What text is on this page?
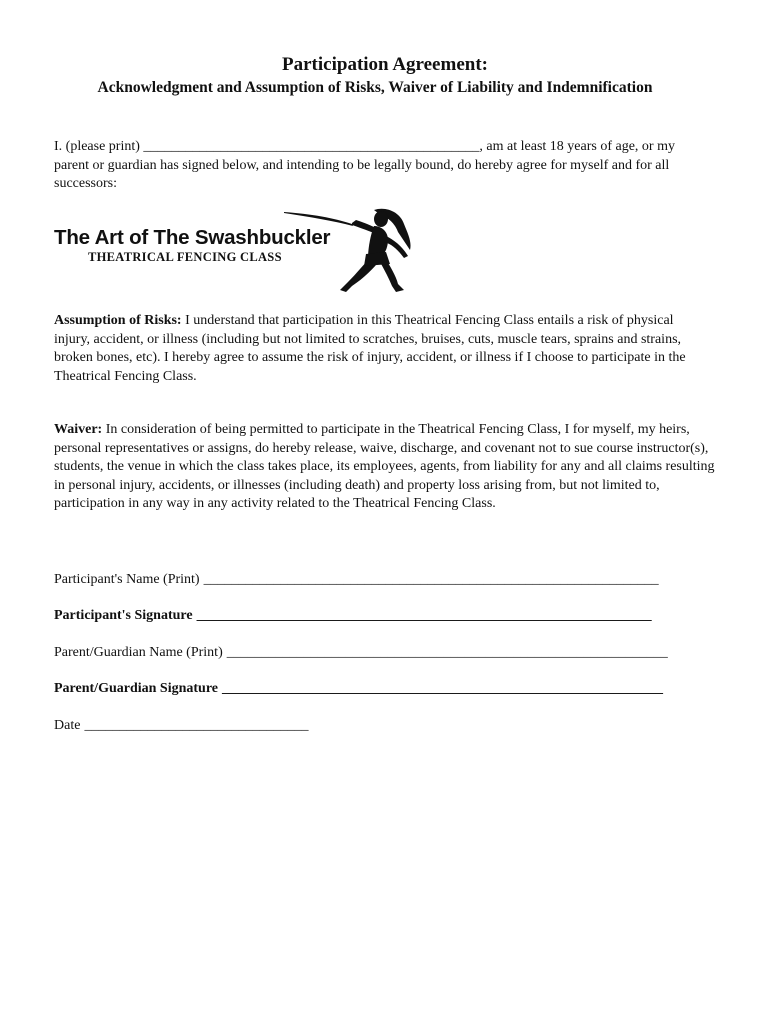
Participation Agreement:
Acknowledgment and Assumption of Risks, Waiver of Liability and Indemnification

I. (please print) ________________________________________________, am at least 18 years of age, or my parent or guardian has signed below, and intending to be legally bound, do hereby agree for myself and for all successors:

The Art of The Swashbuckler
THEATRICAL FENCING CLASS

Assumption of Risks: I understand that participation in this Theatrical Fencing Class entails a risk of physical injury, accident, or illness (including but not limited to scratches, bruises, cuts, muscle tears, sprains and strains, broken bones, etc). I hereby agree to assume the risk of injury, accident, or illness if I choose to participate in the Theatrical Fencing Class.

Waiver: In consideration of being permitted to participate in the Theatrical Fencing Class, I for myself, my heirs, personal representatives or assigns, do hereby release, waive, discharge, and covenant not to sue course instructor(s), students, the venue in which the class takes place, its employees, agents, from liability for any and all claims resulting in personal injury, accidents, or illnesses (including death) and property loss arising from, but not limited to, participation in any way in any activity related to the Theatrical Fencing Class.

Participant's Name (Print) _________________________________________________________________
Participant's Signature _________________________________________________________________
Parent/Guardian Name (Print) _______________________________________________________________
Parent/Guardian Signature _______________________________________________________________
Date ________________________________
